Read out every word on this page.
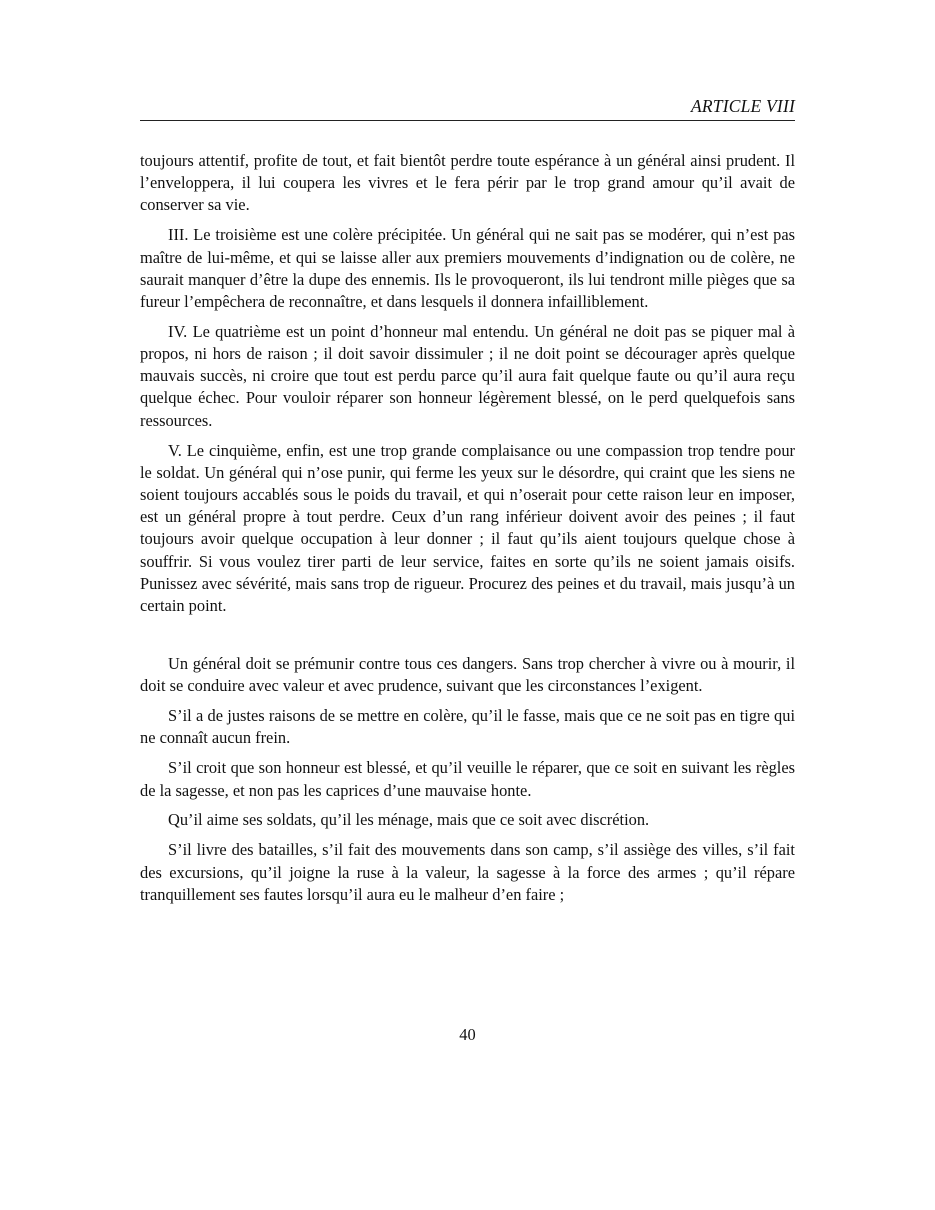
ARTICLE VIII

toujours attentif, profite de tout, et fait bientôt perdre toute espérance à un général ainsi prudent. Il l’enveloppera, il lui coupera les vivres et le fera périr par le trop grand amour qu’il avait de conserver sa vie.

III. Le troisième est une colère précipitée. Un général qui ne sait pas se modérer, qui n’est pas maître de lui-même, et qui se laisse aller aux premiers mouvements d’indignation ou de colère, ne saurait manquer d’être la dupe des ennemis. Ils le provoqueront, ils lui tendront mille pièges que sa fureur l’empêchera de reconnaître, et dans lesquels il donnera infailliblement.

IV. Le quatrième est un point d’honneur mal entendu. Un général ne doit pas se piquer mal à propos, ni hors de raison ; il doit savoir dissimuler ; il ne doit point se décourager après quelque mauvais succès, ni croire que tout est perdu parce qu’il aura fait quelque faute ou qu’il aura reçu quelque échec. Pour vouloir réparer son honneur légèrement blessé, on le perd quelquefois sans ressources.

V. Le cinquième, enfin, est une trop grande complaisance ou une compassion trop tendre pour le soldat. Un général qui n’ose punir, qui ferme les yeux sur le désordre, qui craint que les siens ne soient toujours accablés sous le poids du travail, et qui n’oserait pour cette raison leur en imposer, est un général propre à tout perdre. Ceux d’un rang inférieur doivent avoir des peines ; il faut toujours avoir quelque occupation à leur donner ; il faut qu’ils aient toujours quelque chose à souffrir. Si vous voulez tirer parti de leur service, faites en sorte qu’ils ne soient jamais oisifs. Punissez avec sévérité, mais sans trop de rigueur. Procurez des peines et du travail, mais jusqu’à un certain point.

Un général doit se prémunir contre tous ces dangers. Sans trop chercher à vivre ou à mourir, il doit se conduire avec valeur et avec prudence, suivant que les circonstances l’exigent.

S’il a de justes raisons de se mettre en colère, qu’il le fasse, mais que ce ne soit pas en tigre qui ne connaît aucun frein.

S’il croit que son honneur est blessé, et qu’il veuille le réparer, que ce soit en suivant les règles de la sagesse, et non pas les caprices d’une mauvaise honte.

Qu’il aime ses soldats, qu’il les ménage, mais que ce soit avec discrétion.

S’il livre des batailles, s’il fait des mouvements dans son camp, s’il assiège des villes, s’il fait des excursions, qu’il joigne la ruse à la valeur, la sagesse à la force des armes ; qu’il répare tranquillement ses fautes lorsqu’il aura eu le malheur d’en faire ;

40
